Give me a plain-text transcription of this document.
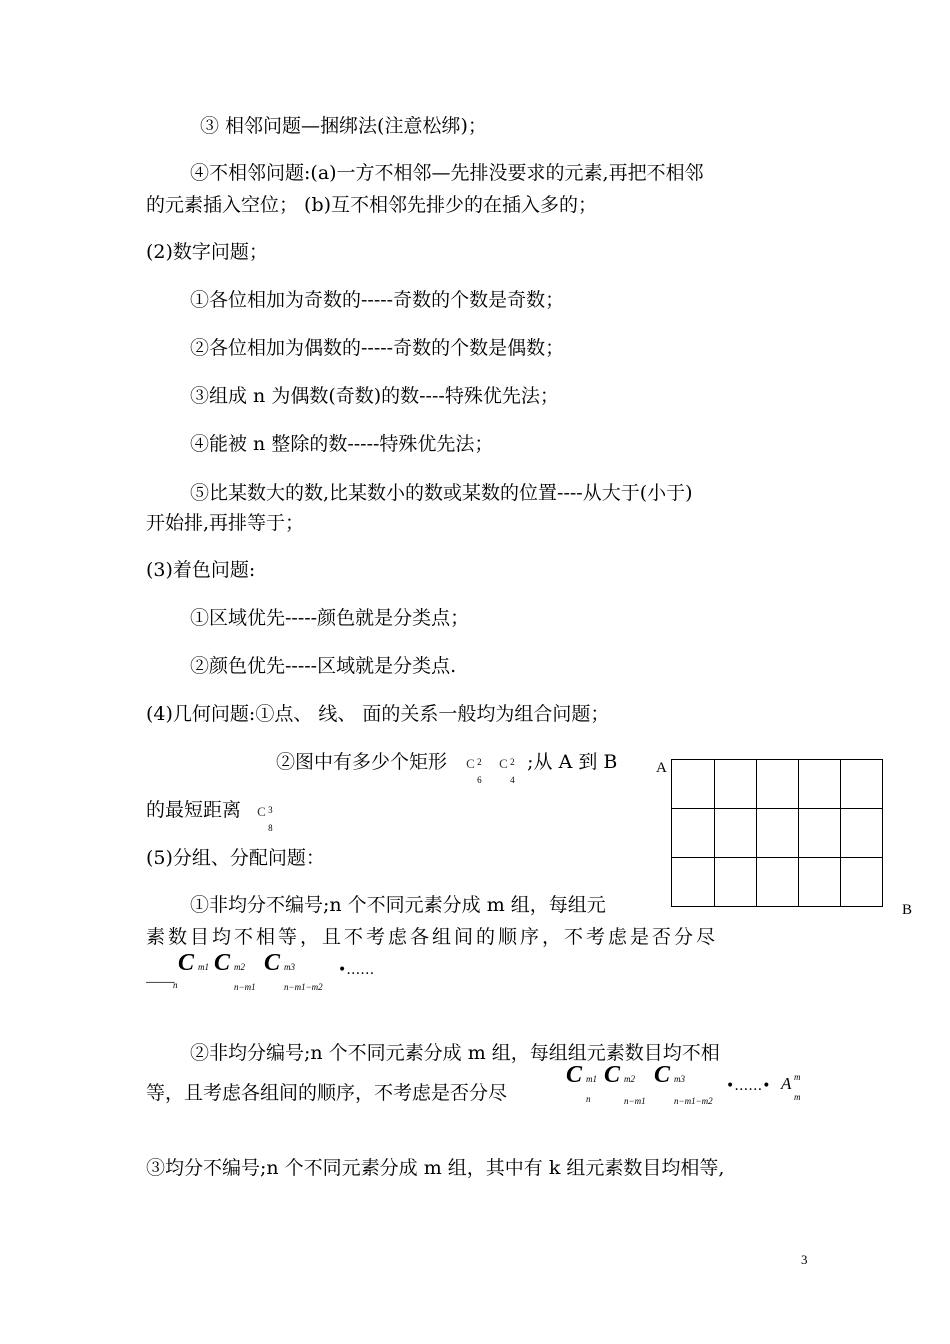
③ 相邻问题—捆绑法(注意松绑)；
④不相邻问题:(a)一方不相邻—先排没要求的元素,再把不相邻
的元素插入空位； (b)互不相邻先排少的在插入多的；
(2)数字问题；
①各位相加为奇数的-----奇数的个数是奇数；
②各位相加为偶数的-----奇数的个数是偶数；
③组成 n 为偶数(奇数)的数----特殊优先法；
④能被 n 整除的数-----特殊优先法；
⑤比某数大的数,比某数小的数或某数的位置----从大于(小于)
开始排,再排等于；
(3)着色问题:
①区域优先-----颜色就是分类点；
②颜色优先-----区域就是分类点.
(4)几何问题:①点、 线、 面的关系一般均为组合问题；
②图中有多少个矩形 C 2
6

C 2
4
;从 A 到 B
的最短距离 C 3
8
(5)分组、分配问题：
①非均分不编号;n 个不同元素分成 m 组，每组元
素数目均不相等，且不考虑各组间的顺序，不考虑是否分尽
___ C m1
n
C m2
n−m1
C m3
n−m1−m2
•……
②非均分编号;n 个不同元素分成 m 组，每组组元素数目均不相
等，且考虑各组间的顺序，不考虑是否分尽
C m1
n
C m2
n−m1
C m3
n−m1−m2
•……• A m
m
③均分不编号;n 个不同元素分成 m 组，其中有 k 组元素数目均相等,
A
B
3
